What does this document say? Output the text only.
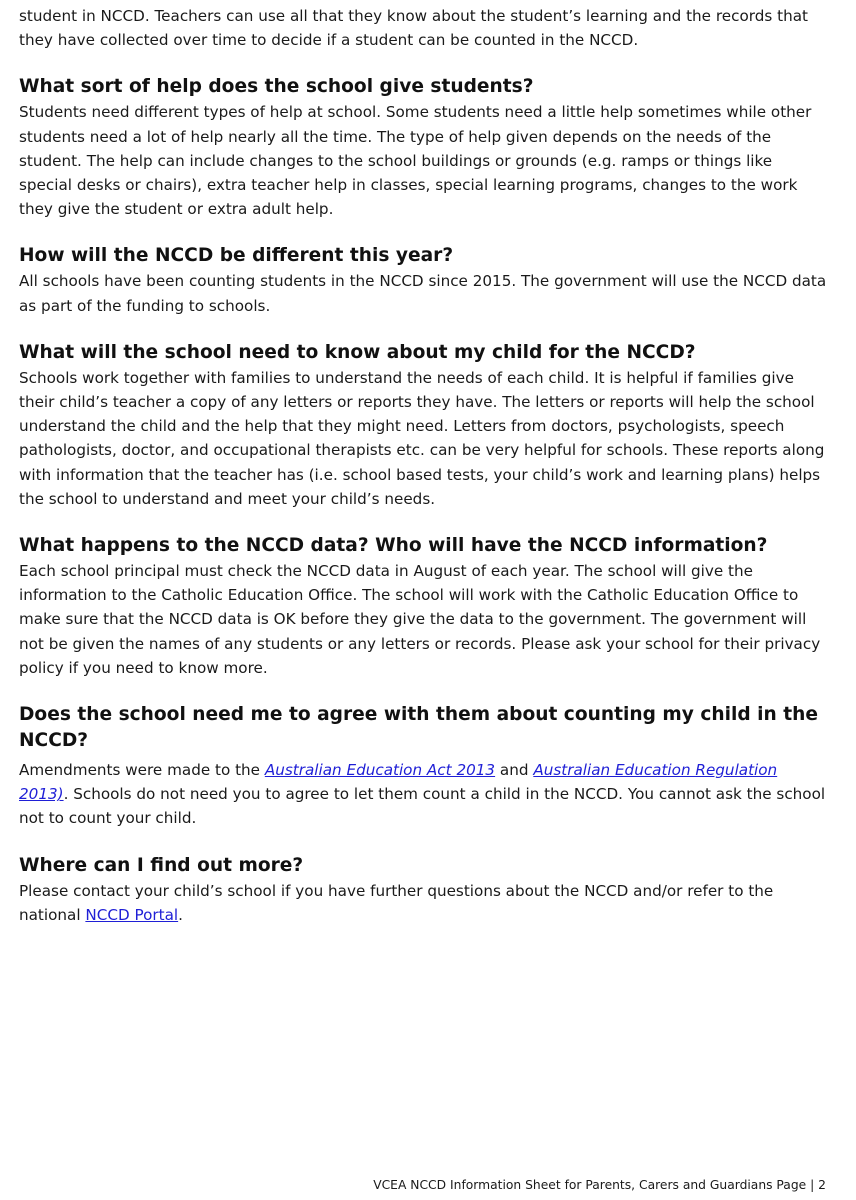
student in NCCD. Teachers can use all that they know about the student’s learning and the records that they have collected over time to decide if a student can be counted in the NCCD.

What sort of help does the school give students?

Students need different types of help at school. Some students need a little help sometimes while other students need a lot of help nearly all the time. The type of help given depends on the needs of the student. The help can include changes to the school buildings or grounds (e.g. ramps or things like special desks or chairs), extra teacher help in classes, special learning programs, changes to the work they give the student or extra adult help.

How will the NCCD be different this year?

All schools have been counting students in the NCCD since 2015. The government will use the NCCD data as part of the funding to schools.

What will the school need to know about my child for the NCCD?

Schools work together with families to understand the needs of each child. It is helpful if families give their child’s teacher a copy of any letters or reports they have. The letters or reports will help the school understand the child and the help that they might need. Letters from doctors, psychologists, speech pathologists, doctor, and occupational therapists etc. can be very helpful for schools. These reports along with information that the teacher has (i.e. school based tests, your child’s work and learning plans) helps the school to understand and meet your child’s needs.

What happens to the NCCD data? Who will have the NCCD information?

Each school principal must check the NCCD data in August of each year. The school will give the information to the Catholic Education Office. The school will work with the Catholic Education Office to make sure that the NCCD data is OK before they give the data to the government. The government will not be given the names of any students or any letters or records. Please ask your school for their privacy policy if you need to know more.

Does the school need me to agree with them about counting my child in the NCCD?

Amendments were made to the Australian Education Act 2013 and Australian Education Regulation 2013). Schools do not need you to agree to let them count a child in the NCCD. You cannot ask the school not to count your child.

Where can I find out more?

Please contact your child’s school if you have further questions about the NCCD and/or refer to the national NCCD Portal.

VCEA NCCD Information Sheet for Parents, Carers and Guardians Page | 2
